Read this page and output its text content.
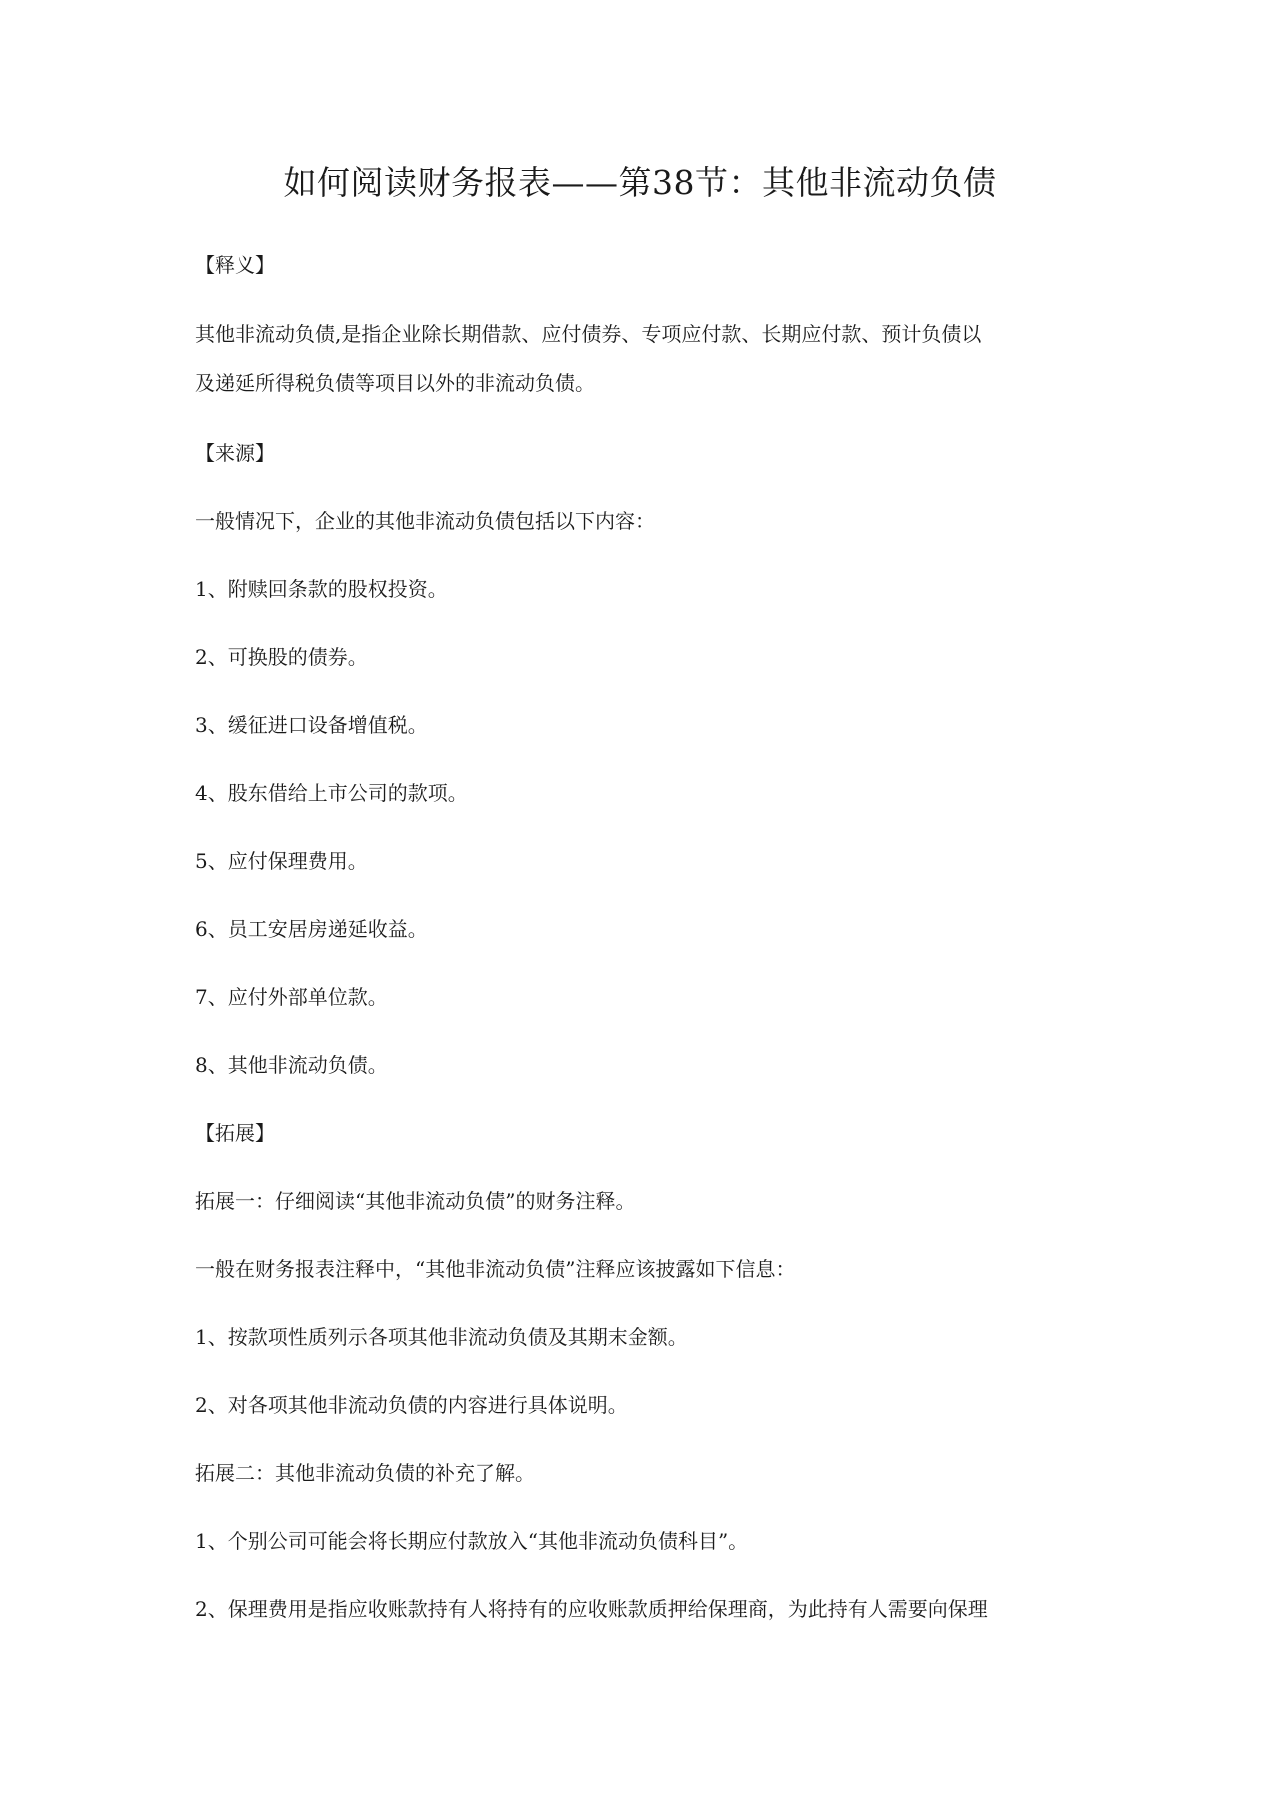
如何阅读财务报表——第38节：其他非流动负债
【释义】
其他非流动负债,是指企业除长期借款、应付债券、专项应付款、长期应付款、预计负债以
及递延所得税负债等项目以外的非流动负债。
【来源】
一般情况下，企业的其他非流动负债包括以下内容：
1、附赎回条款的股权投资。
2、可换股的债券。
3、缓征进口设备增值税。
4、股东借给上市公司的款项。
5、应付保理费用。
6、员工安居房递延收益。
7、应付外部单位款。
8、其他非流动负债。
【拓展】
拓展一：仔细阅读“其他非流动负债”的财务注释。
一般在财务报表注释中，“其他非流动负债”注释应该披露如下信息：
1、按款项性质列示各项其他非流动负债及其期末金额。
2、对各项其他非流动负债的内容进行具体说明。
拓展二：其他非流动负债的补充了解。
1、个别公司可能会将长期应付款放入“其他非流动负债科目”。
2、保理费用是指应收账款持有人将持有的应收账款质押给保理商，为此持有人需要向保理
